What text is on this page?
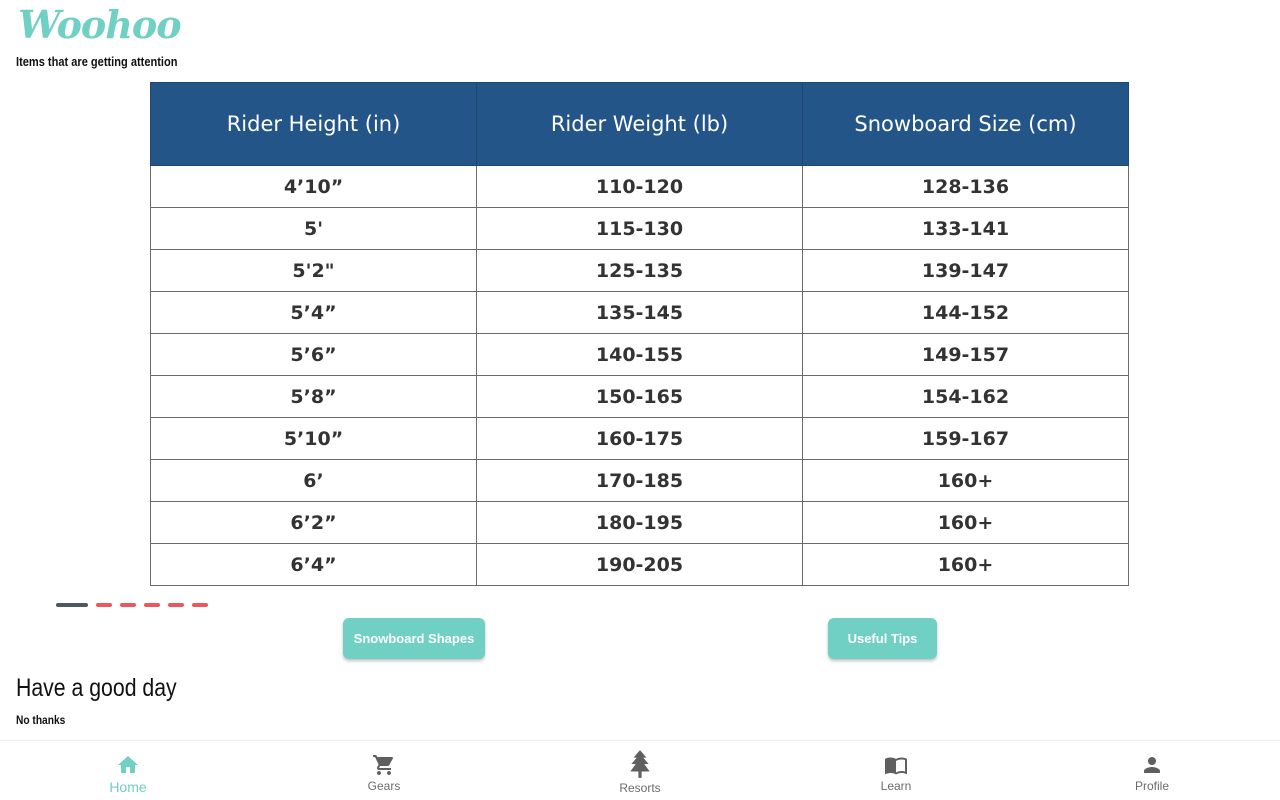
Woohoo
Items that are getting attention
Rider Height (in)	Rider Weight (lb)	Snowboard Size (cm)
4’10”	110-120	128-136
5'	115-130	133-141
5'2"	125-135	139-147
5’4”	135-145	144-152
5’6”	140-155	149-157
5’8”	150-165	154-162
5’10”	160-175	159-167
6’	170-185	160+
6’2”	180-195	160+
6’4”	190-205	160+
Snowboard Shapes	Useful Tips
Have a good day
No thanks
Home	Gears	Resorts	Learn	Profile
